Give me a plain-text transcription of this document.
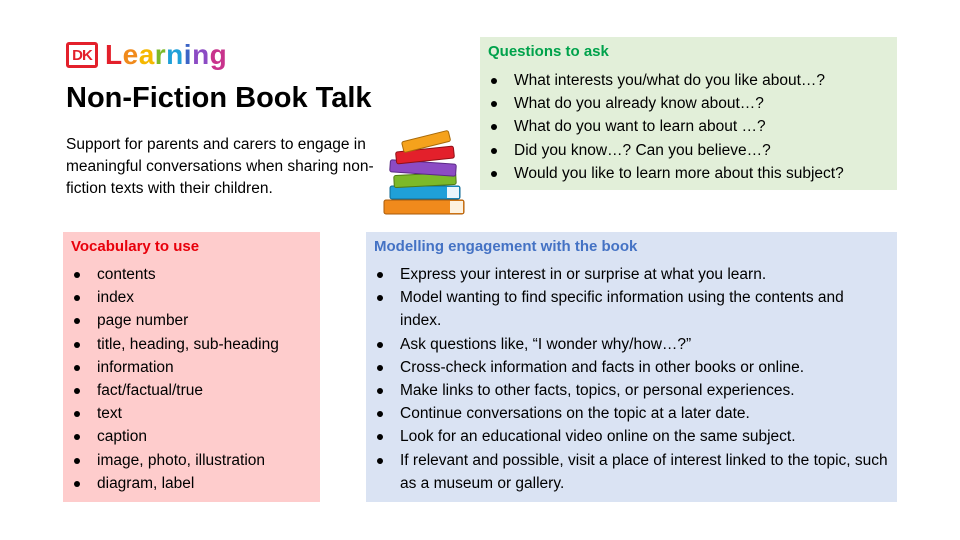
DK Learning
Non-Fiction Book Talk

Support for parents and carers to engage in meaningful conversations when sharing non-fiction texts with their children.

Questions to ask
What interests you/what do you like about…?
What do you already know about…?
What do you want to learn about …?
Did you know…? Can you believe…?
Would you like to learn more about this subject?
Vocabulary to use
contents
index
page number
title, heading, sub-heading
information
fact/factual/true
text
caption
image, photo, illustration
diagram, label
Modelling engagement with the book
Express your interest in or surprise at what you learn.
Model wanting to find specific information using the contents and index.
Ask questions like, “I wonder why/how…?”
Cross-check information and facts in other books or online.
Make links to other facts, topics, or personal experiences.
Continue conversations on the topic at a later date.
Look for an educational video online on the same subject.
If relevant and possible, visit a place of interest linked to the topic, such as a museum or gallery.
